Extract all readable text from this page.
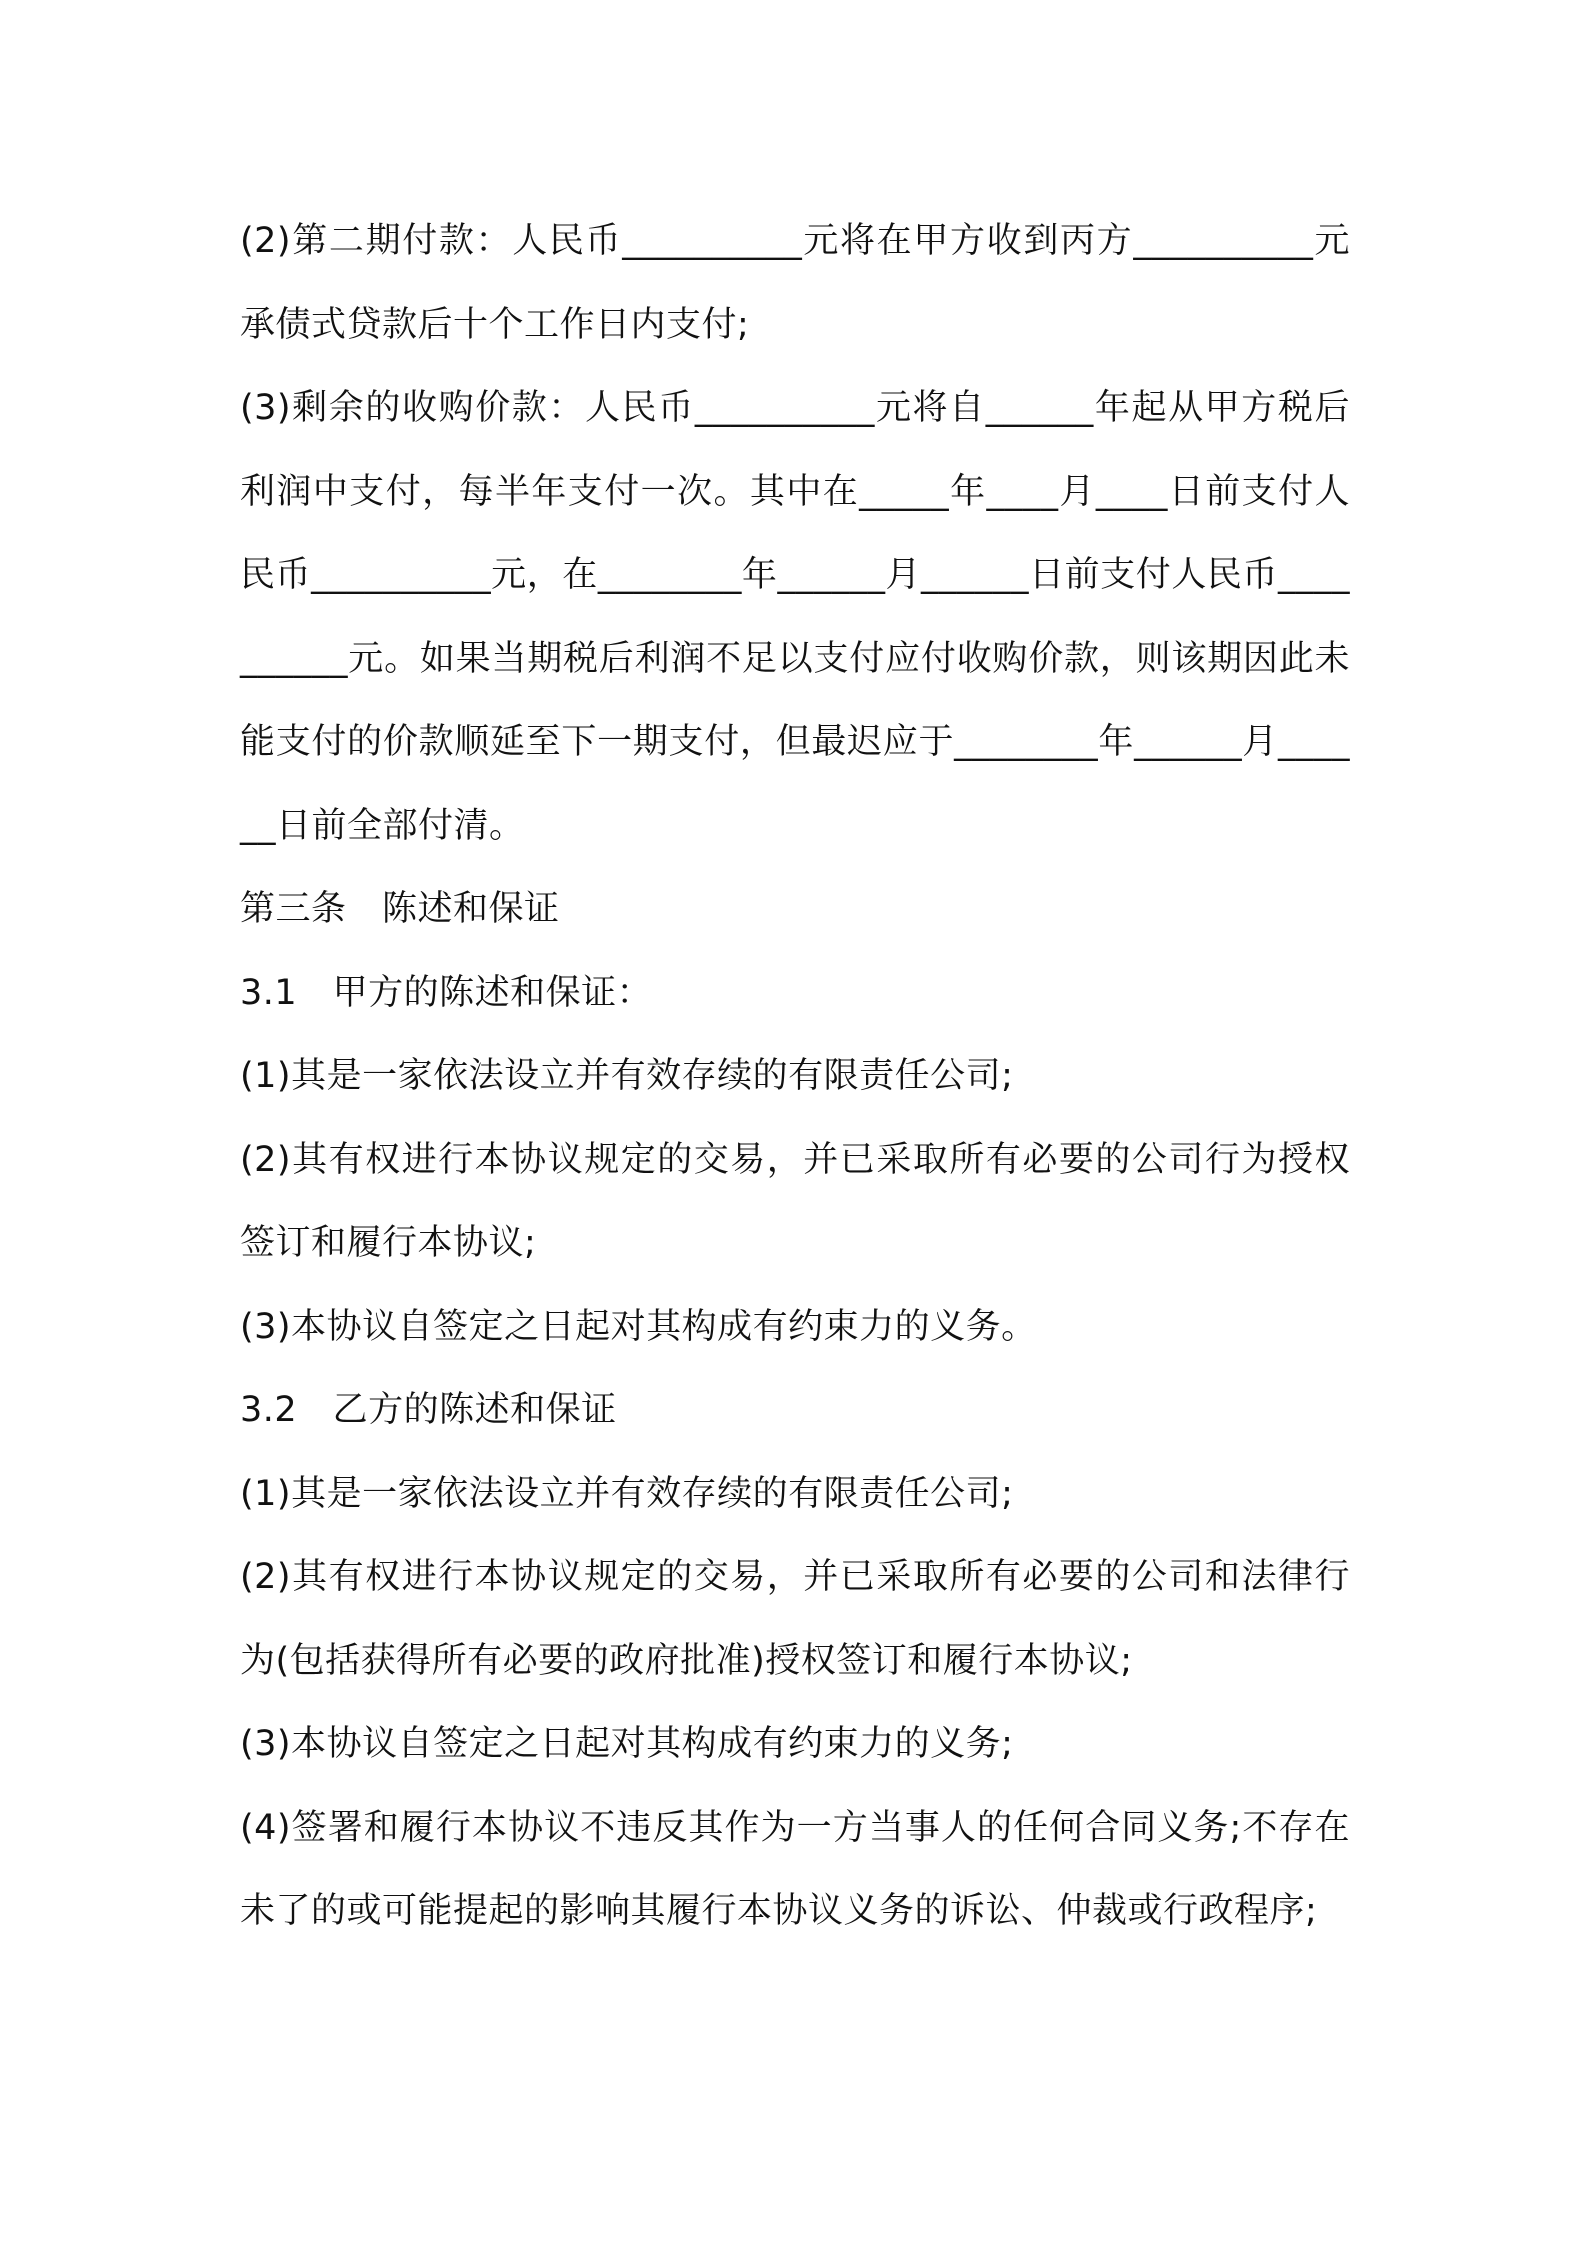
(2)第二期付款：人民币__________元将在甲方收到丙方__________元承债式贷款后十个工作日内支付;

(3)剩余的收购价款：人民币__________元将自______年起从甲方税后利润中支付，每半年支付一次。其中在_____年____月____日前支付人民币__________元，在________年______月______日前支付人民币__________元。如果当期税后利润不足以支付应付收购价款，则该期因此未能支付的价款顺延至下一期支付，但最迟应于________年______月______日前全部付清。

第三条　陈述和保证

3.1　甲方的陈述和保证：

(1)其是一家依法设立并有效存续的有限责任公司;

(2)其有权进行本协议规定的交易，并已采取所有必要的公司行为授权签订和履行本协议;

(3)本协议自签定之日起对其构成有约束力的义务。

3.2　乙方的陈述和保证

(1)其是一家依法设立并有效存续的有限责任公司;

(2)其有权进行本协议规定的交易，并已采取所有必要的公司和法律行为(包括获得所有必要的政府批准)授权签订和履行本协议;

(3)本协议自签定之日起对其构成有约束力的义务;

(4)签署和履行本协议不违反其作为一方当事人的任何合同义务;不存在未了的或可能提起的影响其履行本协议义务的诉讼、仲裁或行政程序;
